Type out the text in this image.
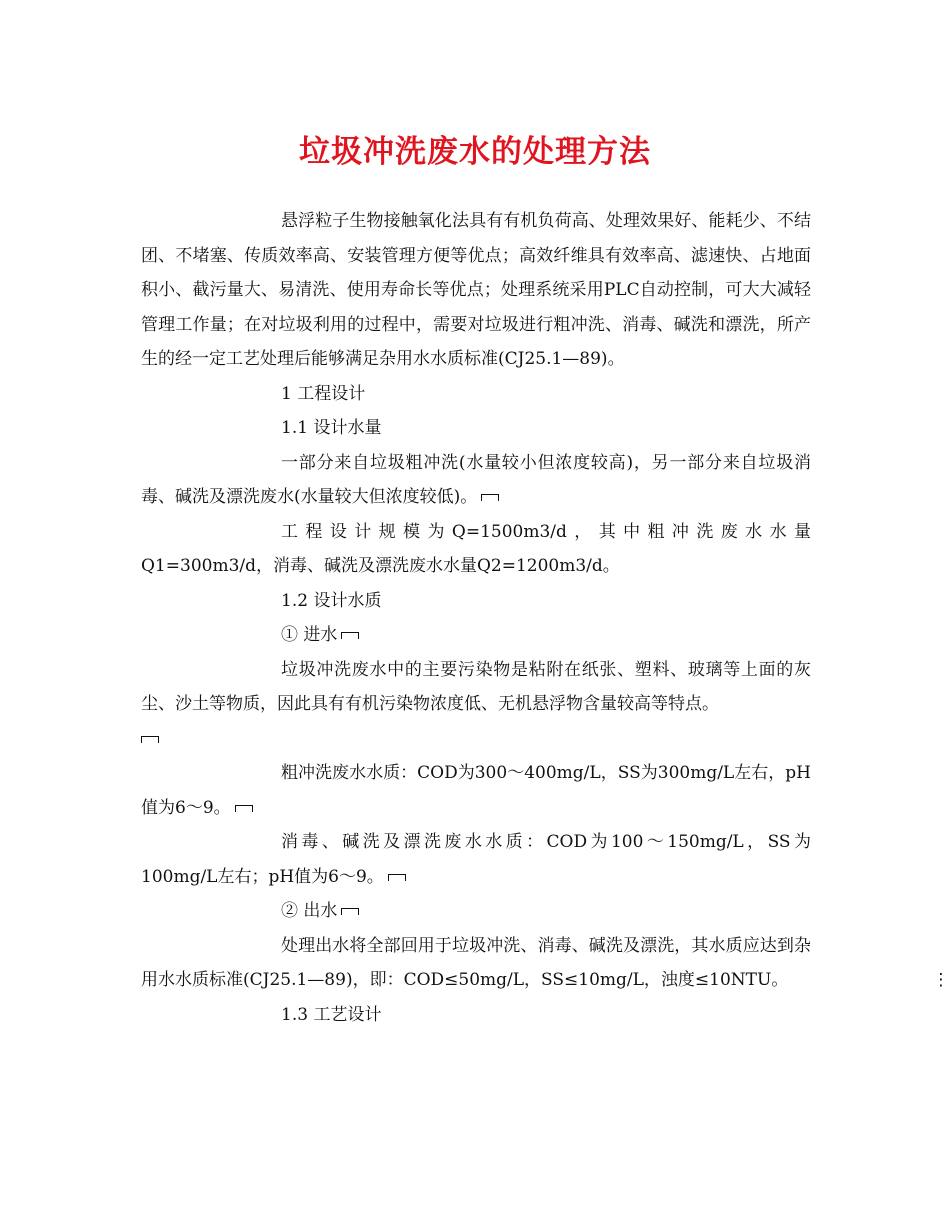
垃圾冲洗废水的处理方法

悬浮粒子生物接触氧化法具有有机负荷高、处理效果好、能耗少、不结团、不堵塞、传质效率高、安装管理方便等优点；高效纤维具有效率高、滤速快、占地面积小、截污量大、易清洗、使用寿命长等优点；处理系统采用PLC自动控制，可大大减轻管理工作量；在对垃圾利用的过程中，需要对垃圾进行粗冲洗、消毒、碱洗和漂洗，所产生的经一定工艺处理后能够满足杂用水水质标准(CJ25.1—89)。

1 工程设计

1.1 设计水量

一部分来自垃圾粗冲洗(水量较小但浓度较高)，另一部分来自垃圾消毒、碱洗及漂洗废水(水量较大但浓度较低)。

工程设计规模为Q=1500m3/d，其中粗冲洗废水水量Q1=300m3/d，消毒、碱洗及漂洗废水水量Q2=1200m3/d。

1.2 设计水质

① 进水

垃圾冲洗废水中的主要污染物是粘附在纸张、塑料、玻璃等上面的灰尘、沙土等物质，因此具有有机污染物浓度低、无机悬浮物含量较高等特点。

粗冲洗废水水质：COD为300～400mg/L，SS为300mg/L左右，pH值为6～9。

消毒、碱洗及漂洗废水水质：COD为100～150mg/L，SS为100mg/L左右；pH值为6～9。

② 出水

处理出水将全部回用于垃圾冲洗、消毒、碱洗及漂洗，其水质应达到杂用水水质标准(CJ25.1—89)，即：COD≤50mg/L，SS≤10mg/L，浊度≤10NTU。	⋮

1.3 工艺设计
